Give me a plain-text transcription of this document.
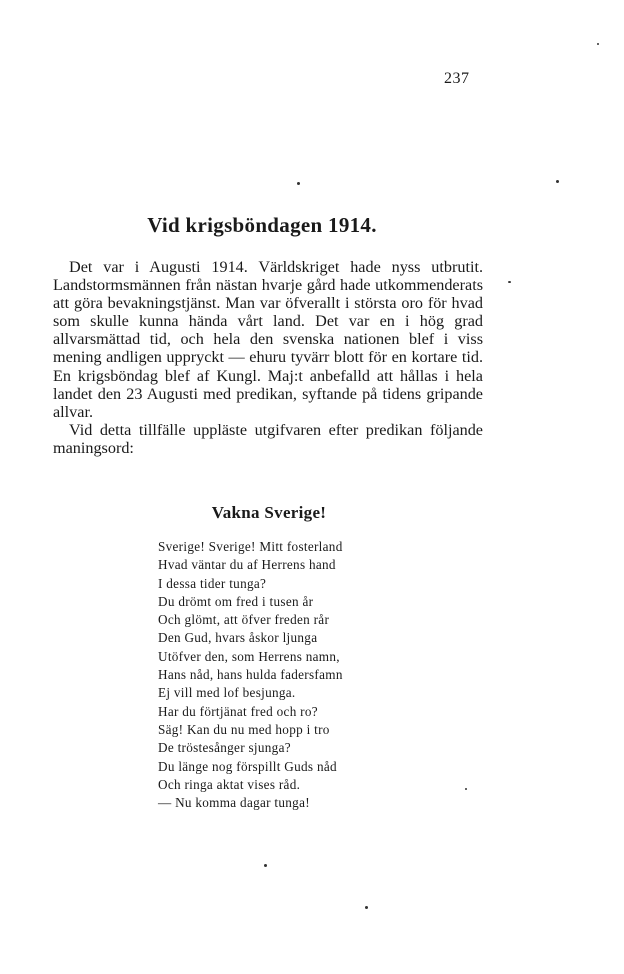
237
Vid krigsböndagen 1914.

Det var i Augusti 1914. Världskriget hade nyss utbrutit. Landstormsmännen från nästan hvarje gård hade utkommenderats att göra bevakningstjänst. Man var öfverallt i största oro för hvad som skulle kunna hända vårt land. Det var en i hög grad allvarsmättad tid, och hela den svenska nationen blef i viss mening andligen uppryckt — ehuru tyvärr blott för en kortare tid. En krigsböndag blef af Kungl. Maj:t anbefalld att hållas i hela landet den 23 Augusti med predikan, syftande på tidens gripande allvar.

Vid detta tillfälle uppläste utgifvaren efter predikan följande maningsord:

Vakna Sverige!
Sverige! Sverige! Mitt fosterland
Hvad väntar du af Herrens hand
I dessa tider tunga?
Du drömt om fred i tusen år
Och glömt, att öfver freden rår
Den Gud, hvars åskor ljunga
Utöfver den, som Herrens namn,
Hans nåd, hans hulda fadersfamn
Ej vill med lof besjunga.
Har du förtjänat fred och ro?
Säg! Kan du nu med hopp i tro
De tröstesånger sjunga?
Du länge nog förspillt Guds nåd
Och ringa aktat vises råd.
— Nu komma dagar tunga!
